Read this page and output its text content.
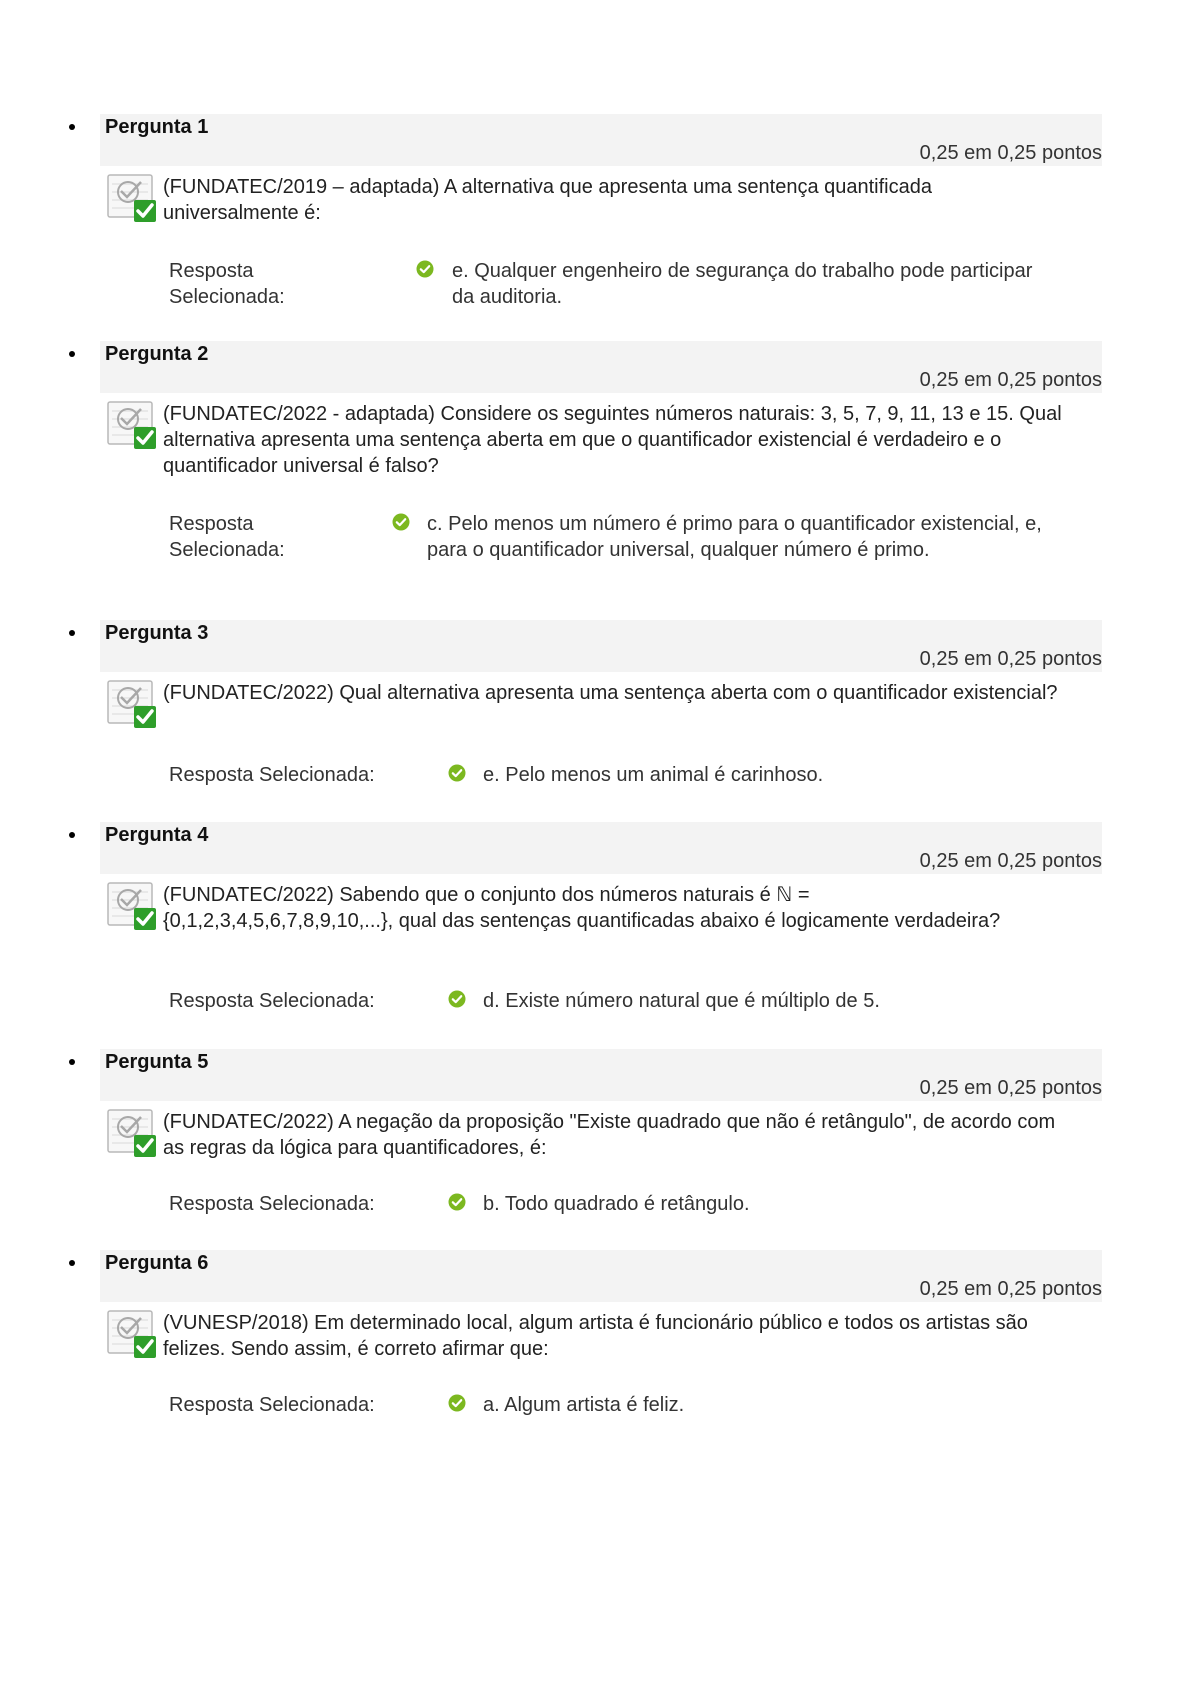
Pergunta 1
0,25 em 0,25 pontos
(FUNDATEC/2019 – adaptada) A alternativa que apresenta uma sentença quantificada universalmente é:
Resposta Selecionada:
e. Qualquer engenheiro de segurança do trabalho pode participar da auditoria.
Pergunta 2
0,25 em 0,25 pontos
(FUNDATEC/2022 - adaptada) Considere os seguintes números naturais: 3, 5, 7, 9, 11, 13 e 15. Qual alternativa apresenta uma sentença aberta em que o quantificador existencial é verdadeiro e o quantificador universal é falso?
Resposta Selecionada:
c. Pelo menos um número é primo para o quantificador existencial, e, para o quantificador universal, qualquer número é primo.
Pergunta 3
0,25 em 0,25 pontos
(FUNDATEC/2022) Qual alternativa apresenta uma sentença aberta com o quantificador existencial?
Resposta Selecionada:	e. Pelo menos um animal é carinhoso.
Pergunta 4
0,25 em 0,25 pontos
(FUNDATEC/2022) Sabendo que o conjunto dos números naturais é ℕ = {0,1,2,3,4,5,6,7,8,9,10,...}, qual das sentenças quantificadas abaixo é logicamente verdadeira?
Resposta Selecionada:	d. Existe número natural que é múltiplo de 5.
Pergunta 5
0,25 em 0,25 pontos
(FUNDATEC/2022) A negação da proposição "Existe quadrado que não é retângulo", de acordo com as regras da lógica para quantificadores, é:
Resposta Selecionada:	b. Todo quadrado é retângulo.
Pergunta 6
0,25 em 0,25 pontos
(VUNESP/2018) Em determinado local, algum artista é funcionário público e todos os artistas são felizes. Sendo assim, é correto afirmar que:
Resposta Selecionada:	a. Algum artista é feliz.
